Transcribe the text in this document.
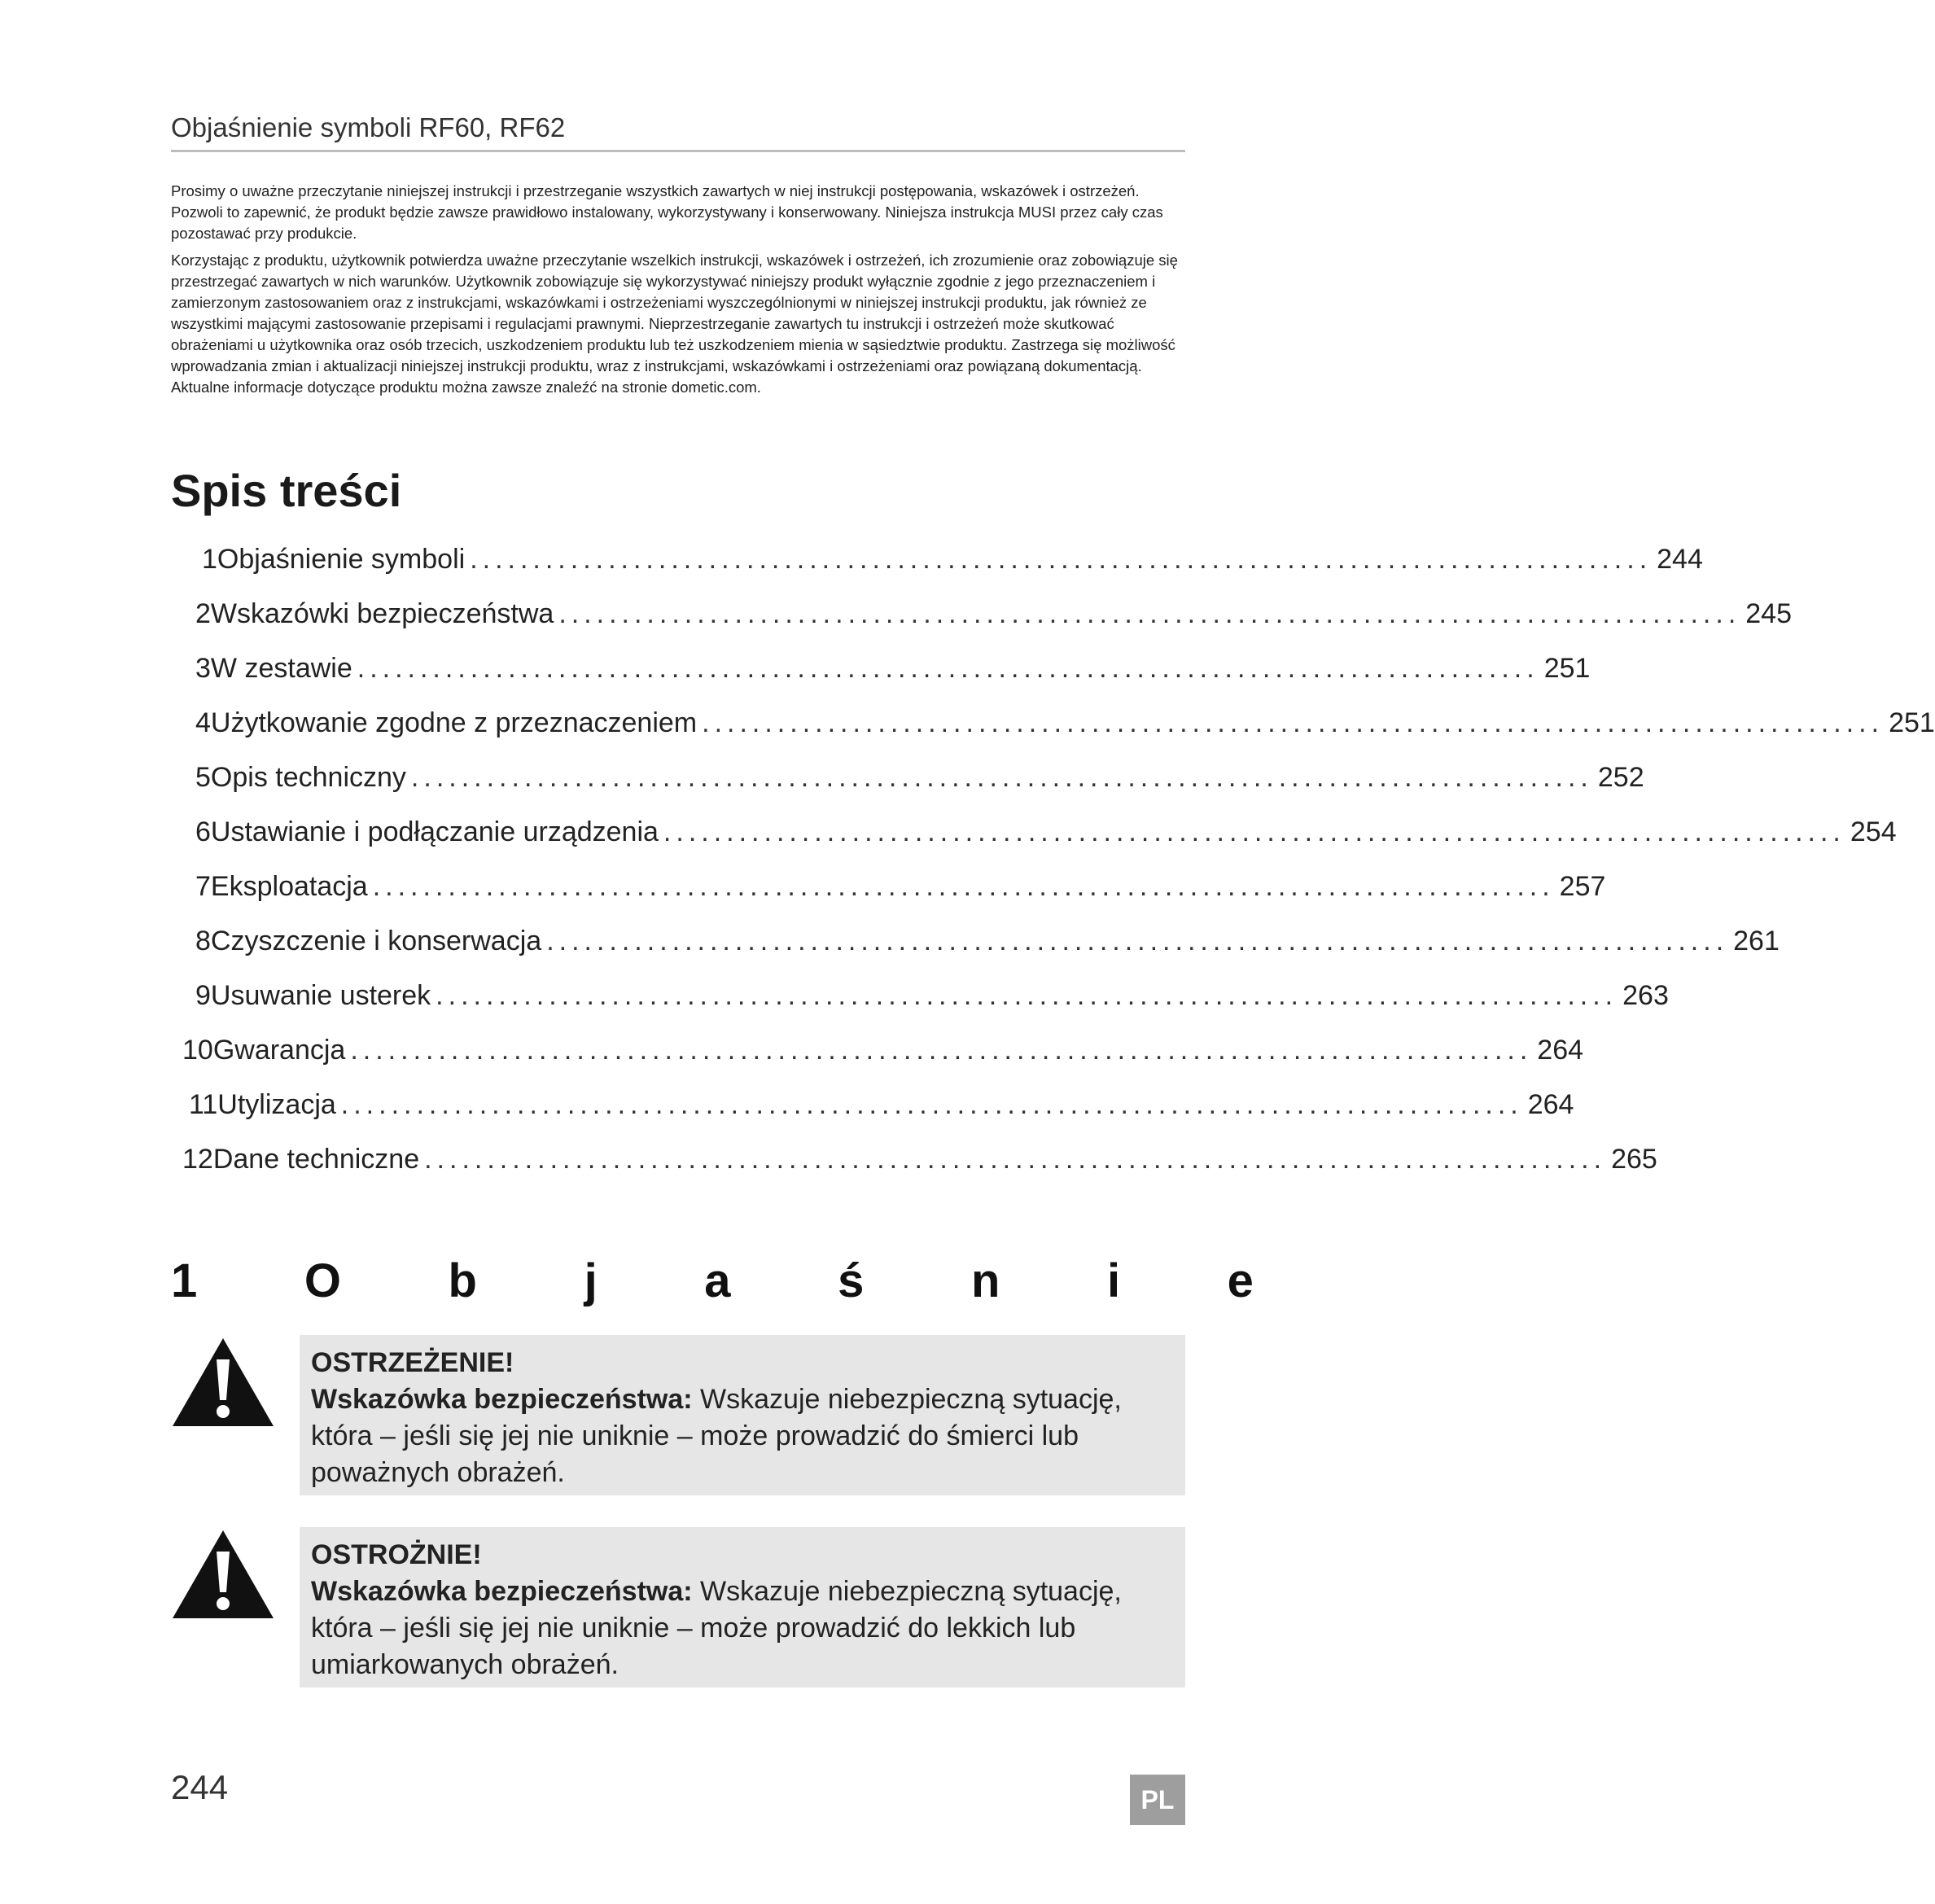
Objaśnienie symboli RF60, RF62
Prosimy o uważne przeczytanie niniejszej instrukcji i przestrzeganie wszystkich zawartych w niej instrukcji postępowania, wskazówek i ostrzeżeń. Pozwoli to zapewnić, że produkt będzie zawsze prawidłowo instalowany, wykorzystywany i konserwowany. Niniejsza instrukcja MUSI przez cały czas pozostawać przy produkcie.
Korzystając z produktu, użytkownik potwierdza uważne przeczytanie wszelkich instrukcji, wskazówek i ostrzeżeń, ich zrozumienie oraz zobowiązuje się przestrzegać zawartych w nich warunków. Użytkownik zobowiązuje się wykorzystywać niniejszy produkt wyłącznie zgodnie z jego przeznaczeniem i zamierzonym zastosowaniem oraz z instrukcjami, wskazówkami i ostrzeżeniami wyszczególnionymi w niniejszej instrukcji produktu, jak również ze wszystkimi mającymi zastosowanie przepisami i regulacjami prawnymi. Nieprzestrzeganie zawartych tu instrukcji i ostrzeżeń może skutkować obrażeniami u użytkownika oraz osób trzecich, uszkodzeniem produktu lub też uszkodzeniem mienia w sąsiedztwie produktu. Zastrzega się możliwość wprowadzania zmian i aktualizacji niniejszej instrukcji produktu, wraz z instrukcjami, wskazówkami i ostrzeżeniami oraz powiązaną dokumentacją. Aktualne informacje dotyczące produktu można zawsze znaleźć na stronie dometic.com.
Spis treści
1 Objaśnienie symboli .............................................................................................. 244
2 Wskazówki bezpieczeństwa .............................................................................................. 245
3 W zestawie .............................................................................................. 251
4 Użytkowanie zgodne z przeznaczeniem .............................................................................................. 251
5 Opis techniczny .............................................................................................. 252
6 Ustawianie i podłączanie urządzenia .............................................................................................. 254
7 Eksploatacja .............................................................................................. 257
8 Czyszczenie i konserwacja .............................................................................................. 261
9 Usuwanie usterek .............................................................................................. 263
10 Gwarancja .............................................................................................. 264
11 Utylizacja .............................................................................................. 264
12 Dane techniczne .............................................................................................. 265
1 O b j a ś n i e
OSTRZEŻENIE!
Wskazówka bezpieczeństwa: Wskazuje niebezpieczną sytuację, która – jeśli się jej nie uniknie – może prowadzić do śmierci lub poważnych obrażeń.
OSTROŻNIE!
Wskazówka bezpieczeństwa: Wskazuje niebezpieczną sytuację, która – jeśli się jej nie uniknie – może prowadzić do lekkich lub umiarkowanych obrażeń.
244	PL
